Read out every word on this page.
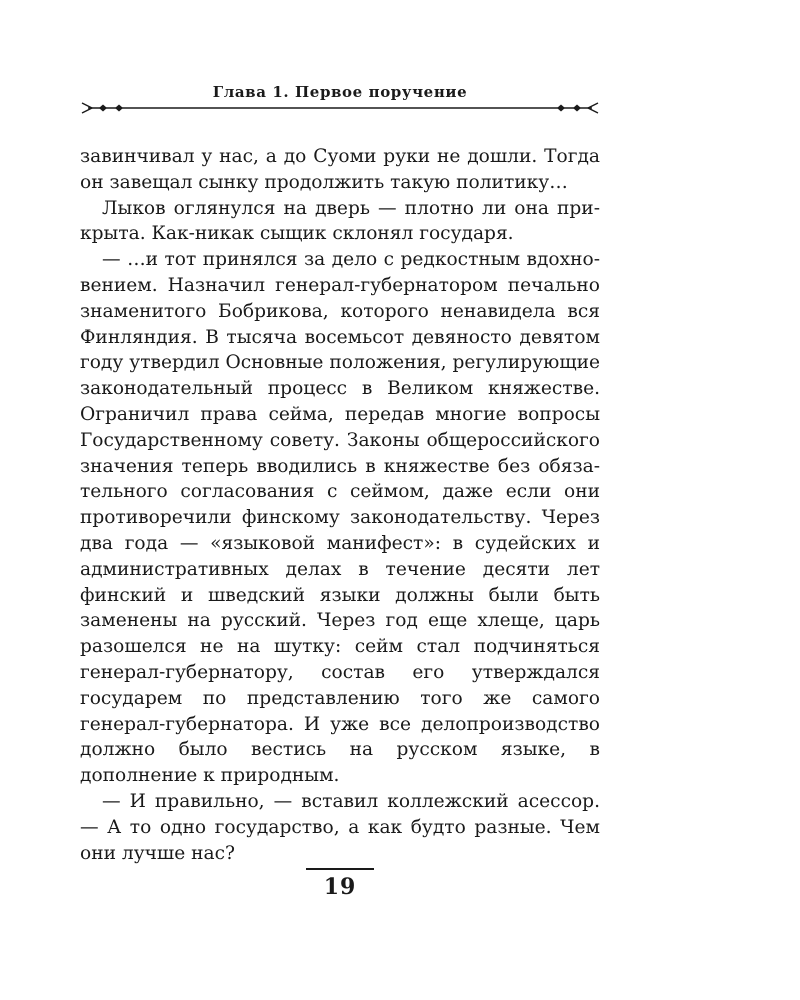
Глава 1. Первое поручение

завинчивал у нас, а до Суоми руки не дошли. Тогда он завещал сынку продолжить такую политику…

Лыков оглянулся на дверь — плотно ли она прикрыта. Как-никак сыщик склонял государя.

— …и тот принялся за дело с редкостным вдохновением. Назначил генерал-губернатором печально знаменитого Бобрикова, которого ненавидела вся Финляндия. В тысяча восемьсот девяносто девятом году утвердил Основные положения, регулирующие законодательный процесс в Великом княжестве. Ограничил права сейма, передав многие вопросы Государственному совету. Законы общероссийского значения теперь вводились в княжестве без обязательного согласования с сеймом, даже если они противоречили финскому законодательству. Через два года — «языковой манифест»: в судейских и административных делах в течение десяти лет финский и шведский языки должны были быть заменены на русский. Через год еще хлеще, царь разошелся не на шутку: сейм стал подчиняться генерал-губернатору, состав его утверждался государем по представлению того же самого генерал-губернатора. И уже все делопроизводство должно было вестись на русском языке, в дополнение к природным.

— И правильно, — вставил коллежский асессор. — А то одно государство, а как будто разные. Чем они лучше нас?

19
